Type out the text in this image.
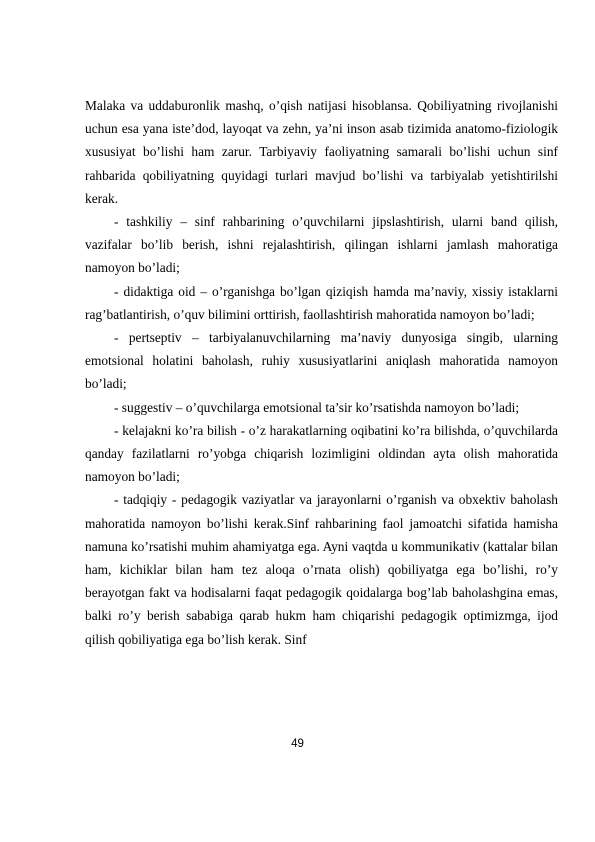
Malaka va uddaburonlik mashq, o’qish natijasi hisoblansa. Qobiliyatning rivojlanishi uchun esa yana iste’dod, layoqat va zehn, ya’ni inson asab tizimida anatomo-fiziologik xususiyat bo’lishi ham zarur. Tarbiyaviy faoliyatning samarali bo’lishi uchun sinf rahbarida qobiliyatning quyidagi turlari mavjud bo’lishi va tarbiyalab yetishtirilshi kerak.

- tashkiliy – sinf rahbarining o’quvchilarni jipslashtirish, ularni band qilish, vazifalar bo’lib berish, ishni rejalashtirish, qilingan ishlarni jamlash mahoratiga namoyon bo’ladi;

- didaktiga oid – o’rganishga bo’lgan qiziqish hamda ma’naviy, xissiy istaklarni rag’batlantirish, o’quv bilimini orttirish, faollashtirish mahoratida namoyon bo’ladi;

- pertseptiv – tarbiyalanuvchilarning ma’naviy dunyosiga singib, ularning emotsional holatini baholash, ruhiy xususiyatlarini aniqlash mahoratida namoyon bo’ladi;

- suggestiv – o’quvchilarga emotsional ta’sir ko’rsatishda namoyon bo’ladi;

- kelajakni ko’ra bilish - o’z harakatlarning oqibatini ko’ra bilishda, o’quvchilarda qanday fazilatlarni ro’yobga chiqarish lozimligini oldindan ayta olish mahoratida namoyon bo’ladi;

- tadqiqiy - pedagogik vaziyatlar va jarayonlarni o’rganish va obxektiv baholash mahoratida namoyon bo’lishi kerak.Sinf rahbarining faol jamoatchi sifatida hamisha namuna ko’rsatishi muhim ahamiyatga ega. Ayni vaqtda u kommunikativ (kattalar bilan ham, kichiklar bilan ham tez aloqa o’rnata olish) qobiliyatga ega bo’lishi, ro’y berayotgan fakt va hodisalarni faqat pedagogik qoidalarga bog’lab baholashgina emas, balki ro’y berish sababiga qarab hukm ham chiqarishi pedagogik optimizmga, ijod qilish qobiliyatiga ega bo’lish kerak. Sinf

49
